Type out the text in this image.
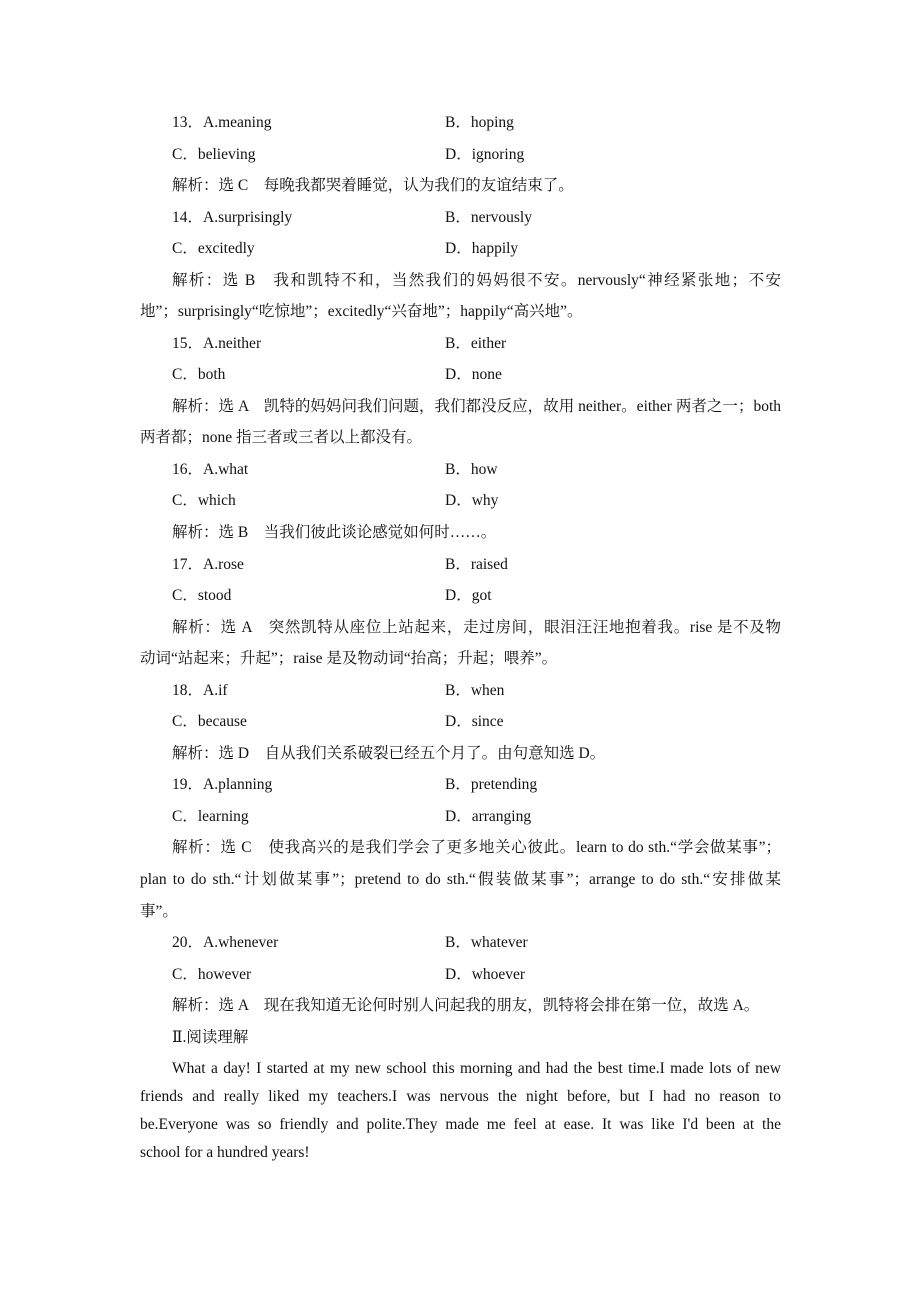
13．A.meaning	B．hoping
C．believing	D．ignoring
解析：选 C　每晚我都哭着睡觉，认为我们的友谊结束了。
14．A.surprisingly	B．nervously
C．excitedly	D．happily
解析：选 B　我和凯特不和，当然我们的妈妈很不安。nervously“神经紧张地；不安
地”；surprisingly“吃惊地”；excitedly“兴奋地”；happily“高兴地”。
15．A.neither	B．either
C．both	D．none
解析：选 A　凯特的妈妈问我们问题，我们都没反应，故用 neither。either 两者之一；both
两者都；none 指三者或三者以上都没有。
16．A.what	B．how
C．which	D．why
解析：选 B　当我们彼此谈论感觉如何时……。
17．A.rose	B．raised
C．stood	D．got
解析：选 A　突然凯特从座位上站起来，走过房间，眼泪汪汪地抱着我。rise 是不及物
动词“站起来；升起”；raise 是及物动词“抬高；升起；喂养”。
18．A.if	B．when
C．because	D．since
解析：选 D　自从我们关系破裂已经五个月了。由句意知选 D。
19．A.planning	B．pretending
C．learning	D．arranging
解析：选 C　使我高兴的是我们学会了更多地关心彼此。learn to do sth.“学会做某事”；
plan to do sth.“计划做某事”；pretend to do sth.“假装做某事”；arrange to do sth.“安排做某
事”。
20．A.whenever	B．whatever
C．however	D．whoever
解析：选 A　现在我知道无论何时别人问起我的朋友，凯特将会排在第一位，故选 A。
Ⅱ.阅读理解
What a day! I started at my new school this morning and had the best time.I made lots of new
friends and really liked my teachers.I was nervous the night before, but I had no reason to
be.Everyone was so friendly and polite.They made me feel at ease. It was like I'd been at the
school for a hundred years!
